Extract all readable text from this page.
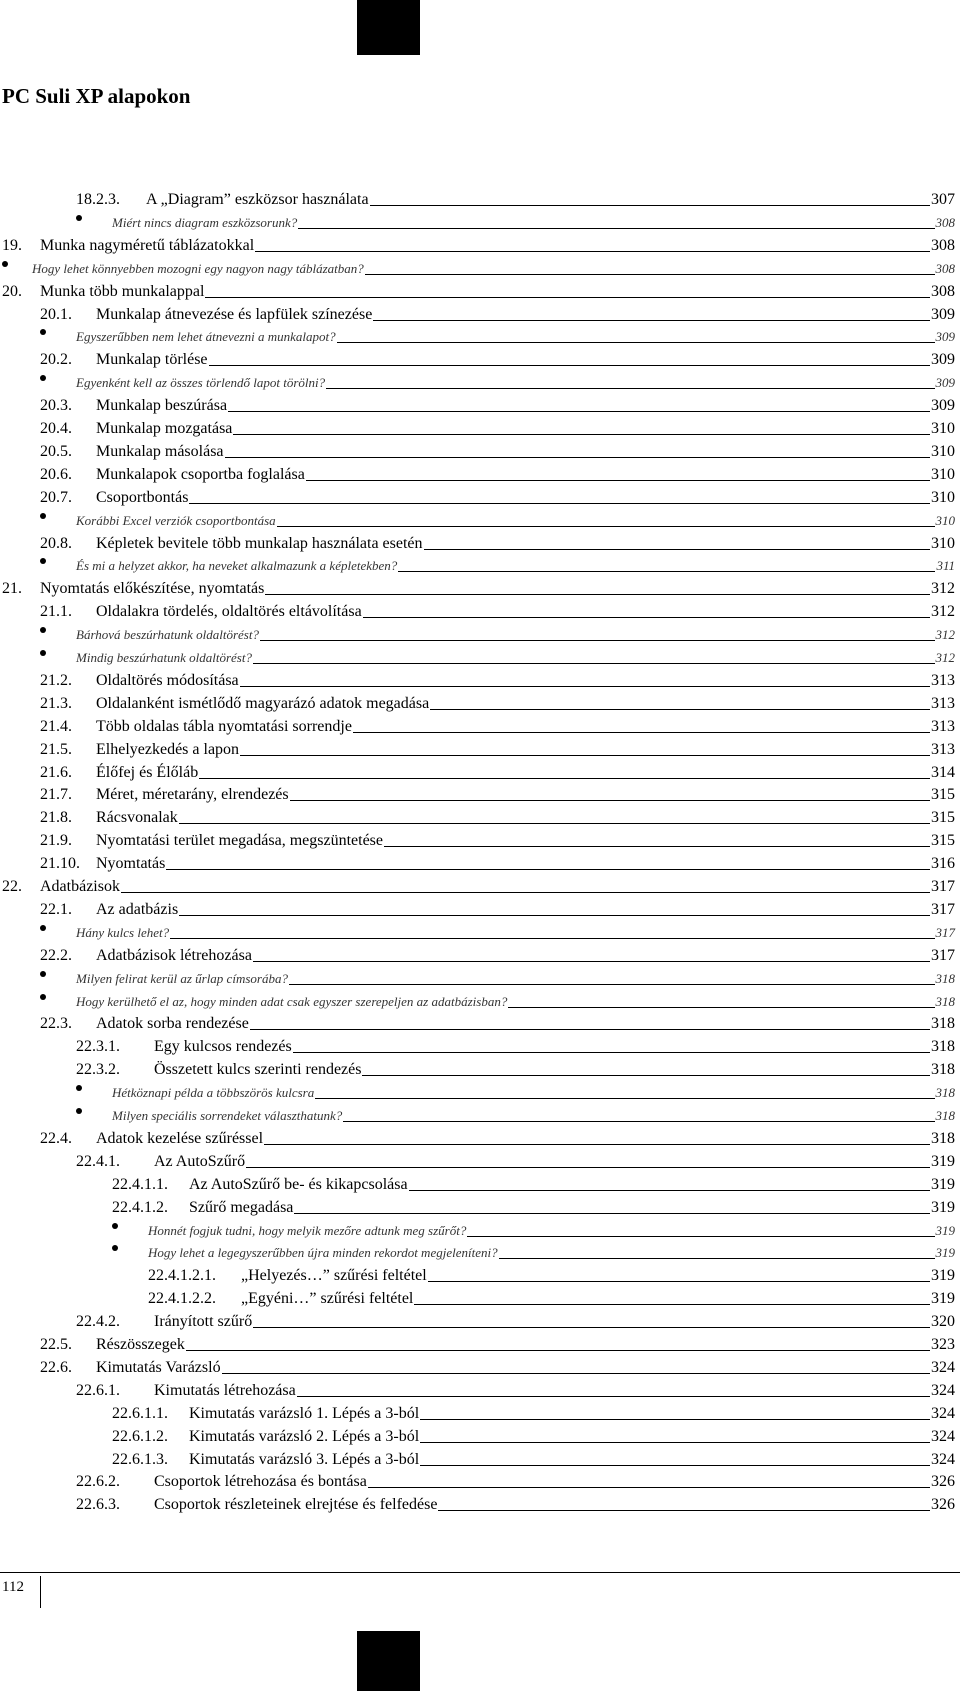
PC Suli XP alapokon
18.2.3.	A „Diagram” eszközsor használata	307
Miért nincs diagram eszközsorunk?	308
19.	Munka nagyméretű táblázatokkal	308
Hogy lehet könnyebben mozogni egy nagyon nagy táblázatban?	308
20.	Munka több munkalappal	308
20.1.	Munkalap átnevezése és lapfülek színezése	309
Egyszerűbben nem lehet átnevezni a munkalapot?	309
20.2.	Munkalap törlése	309
Egyenként kell az összes törlendő lapot törölni?	309
20.3.	Munkalap beszúrása	309
20.4.	Munkalap mozgatása	310
20.5.	Munkalap másolása	310
20.6.	Munkalapok csoportba foglalása	310
20.7.	Csoportbontás	310
Korábbi Excel verziók csoportbontása	310
20.8.	Képletek bevitele több munkalap használata esetén	310
És mi a helyzet akkor, ha neveket alkalmazunk a képletekben?	311
21.	Nyomtatás előkészítése, nyomtatás	312
21.1.	Oldalakra tördelés, oldaltörés eltávolítása	312
Bárhová beszúrhatunk oldaltörést?	312
Mindig beszúrhatunk oldaltörést?	312
21.2.	Oldaltörés módosítása	313
21.3.	Oldalanként ismétlődő magyarázó adatok megadása	313
21.4.	Több oldalas tábla nyomtatási sorrendje	313
21.5.	Elhelyezkedés a lapon	313
21.6.	Élőfej és Élőláb	314
21.7.	Méret, méretarány, elrendezés	315
21.8.	Rácsvonalak	315
21.9.	Nyomtatási terület megadása, megszüntetése	315
21.10.	Nyomtatás	316
22.	Adatbázisok	317
22.1.	Az adatbázis	317
Hány kulcs lehet?	317
22.2.	Adatbázisok létrehozása	317
Milyen felirat kerül az űrlap címsorába?	318
Hogy kerülhető el az, hogy minden adat csak egyszer szerepeljen az adatbázisban?	318
22.3.	Adatok sorba rendezése	318
22.3.1.	Egy kulcsos rendezés	318
22.3.2.	Összetett kulcs szerinti rendezés	318
Hétköznapi példa a többszörös kulcsra	318
Milyen speciális sorrendeket választhatunk?	318
22.4.	Adatok kezelése szűréssel	318
22.4.1.	Az AutoSzűrő	319
22.4.1.1.	Az AutoSzűrő be- és kikapcsolása	319
22.4.1.2.	Szűrő megadása	319
Honnét fogjuk tudni, hogy melyik mezőre adtunk meg szűrőt?	319
Hogy lehet a legegyszerűbben újra minden rekordot megjeleníteni?	319
22.4.1.2.1.	„Helyezés…” szűrési feltétel	319
22.4.1.2.2.	„Egyéni…” szűrési feltétel	319
22.4.2.	Irányított szűrő	320
22.5.	Részösszegek	323
22.6.	Kimutatás Varázsló	324
22.6.1.	Kimutatás létrehozása	324
22.6.1.1.	Kimutatás varázsló 1. Lépés a 3-ból	324
22.6.1.2.	Kimutatás varázsló 2. Lépés a 3-ból	324
22.6.1.3.	Kimutatás varázsló 3. Lépés a 3-ból	324
22.6.2.	Csoportok létrehozása és bontása	326
22.6.3.	Csoportok részleteinek elrejtése és felfedése	326
112
